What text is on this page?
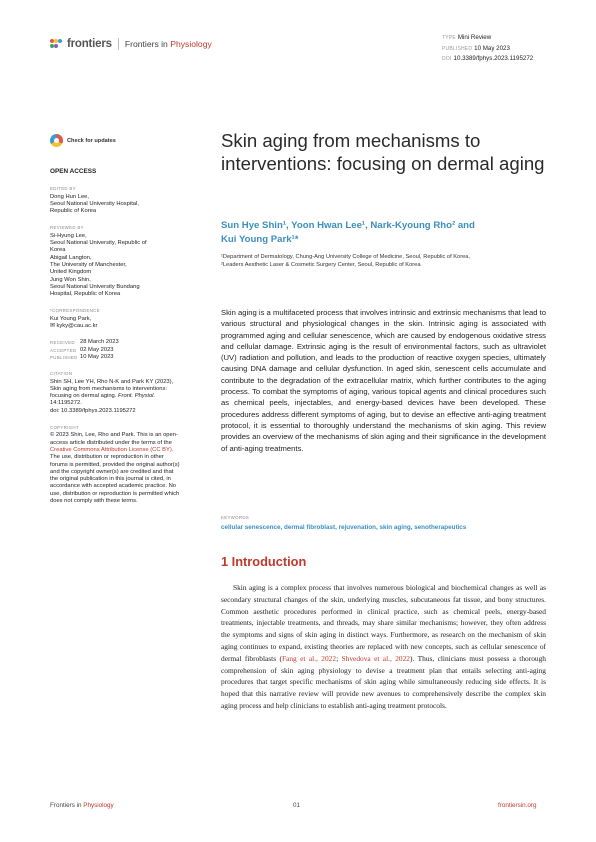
frontiers Frontiers in Physiology
TYPE Mini Review
PUBLISHED 10 May 2023
DOI 10.3389/fphys.2023.1195272
Check for updates
OPEN ACCESS
EDITED BY
Dong Hun Lee,
Seoul National University Hospital,
Republic of Korea
REVIEWED BY
Si-Hyung Lee,
Seoul National University, Republic of
Korea
Abigail Langton,
The University of Manchester,
United Kingdom
Jung Won Shin,
Seoul National University Bundang
Hospital, Republic of Korea
*CORRESPONDENCE
Kui Young Park,
✉ kyky@cau.ac.kr
RECEIVED 28 March 2023
ACCEPTED 02 May 2023
PUBLISHED 10 May 2023
CITATION
Shin SH, Lee YH, Rho N-K and Park KY (2023), Skin aging from mechanisms to interventions: focusing on dermal aging. Front. Physiol. 14:1195272.
doi: 10.3389/fphys.2023.1195272
COPYRIGHT
© 2023 Shin, Lee, Rho and Park. This is an open-access article distributed under the terms of the Creative Commons Attribution License (CC BY). The use, distribution or reproduction in other forums is permitted, provided the original author(s) and the copyright owner(s) are credited and that the original publication in this journal is cited, in accordance with accepted academic practice. No use, distribution or reproduction is permitted which does not comply with these terms.
Skin aging from mechanisms to interventions: focusing on dermal aging
Sun Hye Shin¹, Yoon Hwan Lee¹, Nark-Kyoung Rho² and
Kui Young Park¹*
¹Department of Dermatology, Chung-Ang University College of Medicine, Seoul, Republic of Korea,
²Leaders Aesthetic Laser & Cosmetic Surgery Center, Seoul, Republic of Korea

Skin aging is a multifaceted process that involves intrinsic and extrinsic mechanisms that lead to various structural and physiological changes in the skin. Intrinsic aging is associated with programmed aging and cellular senescence, which are caused by endogenous oxidative stress and cellular damage. Extrinsic aging is the result of environmental factors, such as ultraviolet (UV) radiation and pollution, and leads to the production of reactive oxygen species, ultimately causing DNA damage and cellular dysfunction. In aged skin, senescent cells accumulate and contribute to the degradation of the extracellular matrix, which further contributes to the aging process. To combat the symptoms of aging, various topical agents and clinical procedures such as chemical peels, injectables, and energy-based devices have been developed. These procedures address different symptoms of aging, but to devise an effective anti-aging treatment protocol, it is essential to thoroughly understand the mechanisms of skin aging. This review provides an overview of the mechanisms of skin aging and their significance in the development of anti-aging treatments.

KEYWORDS
cellular senescence, dermal fibroblast, rejuvenation, skin aging, senotherapeutics
1 Introduction

Skin aging is a complex process that involves numerous biological and biochemical changes as well as secondary structural changes of the skin, underlying muscles, subcutaneous fat tissue, and bony structures. Common aesthetic procedures performed in clinical practice, such as chemical peels, energy-based treatments, injectable treatments, and threads, may share similar mechanisms; however, they often address the symptoms and signs of skin aging in distinct ways. Furthermore, as research on the mechanism of skin aging continues to expand, existing theories are replaced with new concepts, such as cellular senescence of dermal fibroblasts (Fang et al., 2022; Shvedova et al., 2022). Thus, clinicians must possess a thorough comprehension of skin aging physiology to devise a treatment plan that entails selecting anti-aging procedures that target specific mechanisms of skin aging while simultaneously reducing side effects. It is hoped that this narrative review will provide new avenues to comprehensively describe the complex skin aging process and help clinicians to establish anti-aging treatment protocols.

Frontiers in Physiology	01	frontiersin.org
